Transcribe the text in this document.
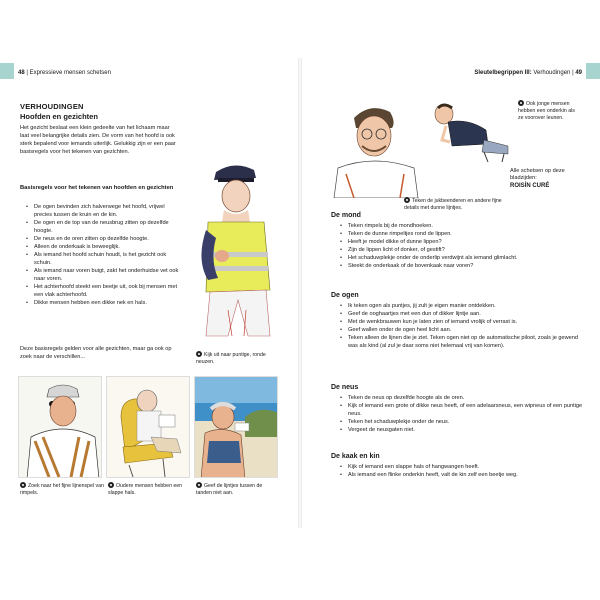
48 | Expressieve mensen schetsen
VERHOUDINGEN
Hoofden en gezichten

Het gezicht beslaat een klein gedeelte van het lichaam maar laat veel belangrijke details zien. De vorm van het hoofd is ook sterk bepalend voor iemands uiterlijk. Gelukkig zijn er een paar basisregels voor het tekenen van gezichten.

Basisregels voor het tekenen van hoofden en gezichten

• De ogen bevinden zich halverwege het hoofd, vrijwel precies tussen de kruin en de kin.
• De ogen en de top van de neusbrug zitten op dezelfde hoogte.
• De neus en de oren zitten op dezelfde hoogte.
• Alleen de onderkaak is beweeglijk.
• Als iemand het hoofd schuin houdt, is het gezicht ook schuin.
• Als iemand naar voren buigt, zakt het onderhuidse vet ook naar voren.
• Het achterhoofd steekt een beetje uit, ook bij mensen met een vlak achterhoofd.
• Dikke mensen hebben een dikke nek en hals.

Deze basisregels gelden voor alle gezichten, maar ga ook op zoek naar de verschillen...	Kijk uit naar puntige, ronde neuzen.

Zoek naar het fijne lijnenspel van rimpels.

Oudere mensen hebben een slappe hals.

Geef de lijntjes tussen de tanden niet aan.

Sleutelbegrippen III: Verhoudingen | 49

Ook jonge mensen hebben een onderkin als ze voorover leunen.

Teken de jukbeenderen en andere fijne details met dunne lijntjes.

Alle schetsen op deze bladzijden:

ROISÍN CURÉ

De mond
• Teken rimpels bij de mondhoeken.
• Teken de dunne rimpeltjes rond de lippen.
• Heeft je model dikke of dunne lippen?
• Zijn de lippen licht of donker, of gestift?
• Het schaduwplekje onder de onderlip verdwijnt als iemand glimlacht.
• Steekt de onderkaak of de bovenkaak naar voren?
De ogen
• Ik teken ogen als puntjes, jij zult je eigen manier ontdekken.
• Geef de ooghaartjes met een dun of dikker lijntje aan.
• Met de wenkbrauwen kun je laten zien of iemand vrolijk of verrast is.
• Geef wallen onder de ogen heel licht aan.
• Teken alleen de lijnen die je ziet. Teken ogen niet op de automatische piloot, zoals je gewend was als kind (al zul je daar soms niet helemaal vrij van komen).
De neus
• Teken de neus op dezelfde hoogte als de oren.
• Kijk of iemand een grote of dikke neus heeft, of een adelaarsneus, een wipneus of een puntige neus.
• Teken het schaduwplekje onder de neus.
• Vergeet de neusgaten niet.
De kaak en kin
• Kijk of iemand een slappe hals of hangwangen heeft.
• Als iemand een flinke onderkin heeft, valt de kin zelf een beetje weg.
